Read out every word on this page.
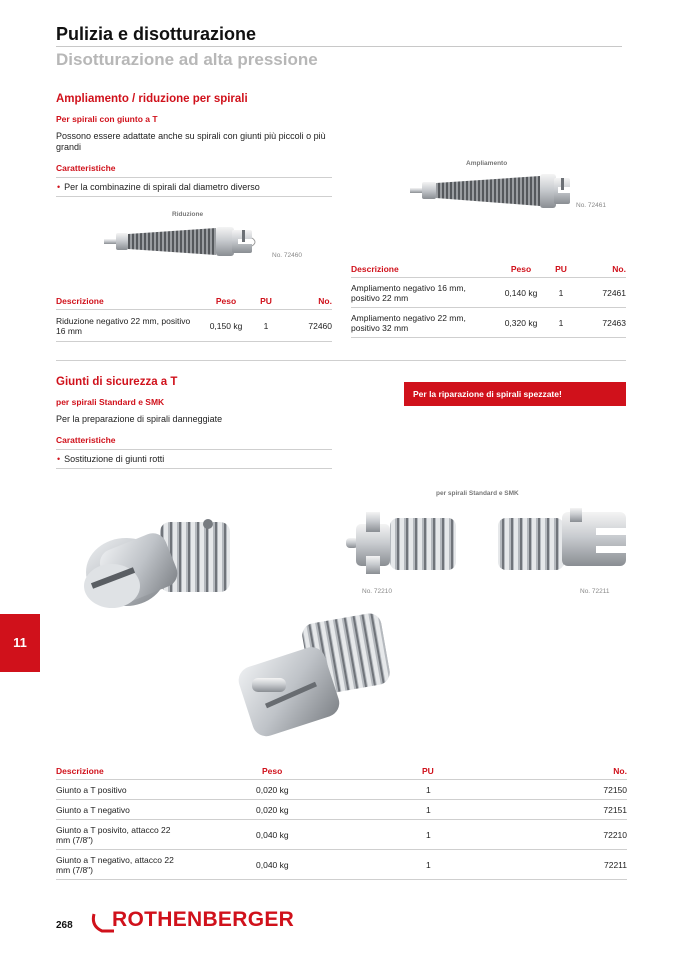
Pulizia e disotturazione
Disotturazione ad alta pressione
Ampliamento / riduzione per spirali
Per spirali con giunto a T
Possono essere adattate anche su spirali con giunti più piccoli o più grandi
Caratteristiche
• Per la combinazine di spirali dal diametro diverso
Riduzione
No. 72460
Ampliamento
No. 72461
Descrizione	Peso	PU	No.
Ampliamento negativo 16 mm, positivo 22 mm	0,140 kg	1	72461
Ampliamento negativo 22 mm, positivo 32 mm	0,320 kg	1	72463
Descrizione	Peso	PU	No.
Riduzione negativo 22 mm, positivo 16 mm	0,150 kg	1	72460
Giunti di sicurezza a T
per spirali Standard e SMK
Per la preparazione di spirali danneggiate
Caratteristiche
• Sostituzione di giunti rotti
Per la riparazione di spirali spezzate!
per spirali Standard e SMK
No. 72210	No. 72211
11
Descrizione	Peso	PU	No.
Giunto a T positivo	0,020 kg	1	72150
Giunto a T negativo	0,020 kg	1	72151
Giunto a T posivito, attacco 22 mm (7/8")	0,040 kg	1	72210
Giunto a T negativo, attacco 22 mm (7/8")	0,040 kg	1	72211
268 ROTHENBERGER
